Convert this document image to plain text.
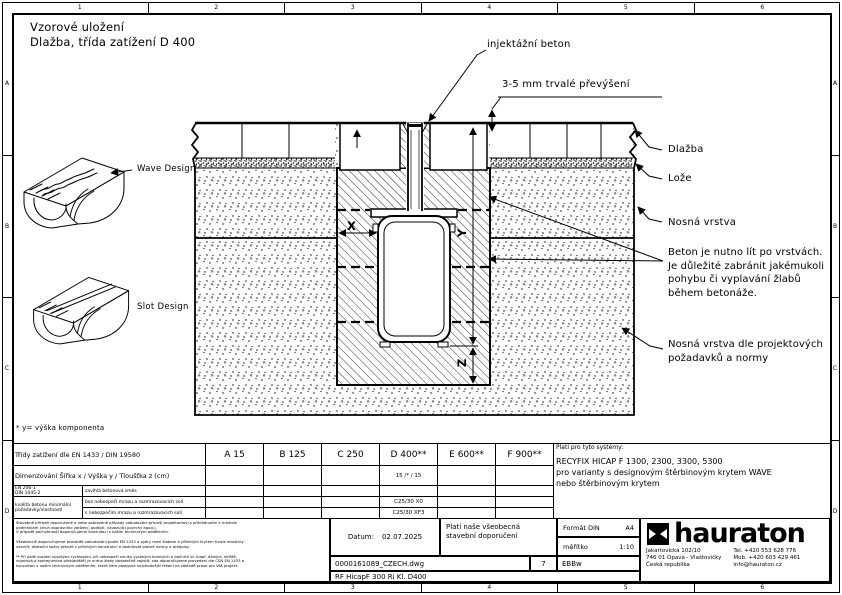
1	2	3	4	5	6
1	2	3	4	5	6
A
B
C
D
A
B
C
D
Vzorové uložení
Dlažba, třída zatížení D 400	injektážní beton
3-5 mm trvalé převýšení
Wave Design
Slot Design
Dlažba
Lože
Nosná vrstva
Beton je nutno lít po vrstvách.
Je důležité zabránit jakémukoli
pohybu či vyplavání žlabů
během betonáže.
Nosná vrstva dle projektových
požadavků a normy
X	Y
Z
* y= výška komponenta
Třídy zatížení dle EN 1433 / DIN 19580		A 15	B 125	C 250	D 400**	E 600**	F 900**	Platí pro tyto systémy:
RECYFIX HICAP F 1300, 2300, 3300, 5300
pro varianty s designovým štěrbinovým krytem WAVE
nebo štěrbinovým krytem

Dimenzování Šířka x / Výška y / Tloušťka z (cm)					15 /* / 15			

EN 206-1
DIN 1045-2	zavlhlá betonová směs							

kvalita betonu minimální
požadavky/vlastnosti	bez nebezpečí mrazu a rozmrazovacích solí				C25/30 X0			
	s nebezpečím mrazu a rozmrazovacích solí				C25/30 XF3			
Stavebně přiřadit doporučené a nebo zobrazené příklady zabudování přísluší projektantovi s přihlédnutím k místním
podmínkám (druh dopravního zatížení, podloží, navazující povrchy apod.).
V případě pochybností doporučujeme konzultaci s naším technickým oddělením.
Všeobecně doporučujeme provádět zabudování podle EN 1433 a spáry mezi žlabem a přilehlým krytem trvale elasticky
uzavřít; dilatační spáry převzít z přilehlých konstrukcí a dodržovat platné normy a předpisy.
** Při jízdě vozidel vysokými rychlostmi, při nebezpečí vzniku vysokých brzdných a bočních sil (např. dálnice, letiště,
vojenská a kontejnerová překladiště) je nutno žlaby dodatečně zajistit; zde doporučujeme provedení dle ČSN EN 1433 a
konzultaci s naším technickým oddělením, které Vám poskytne nejvhodnější řešení na základě praxe pro Váš projekt.
Datum: 02.07.2025
Platí naše všeobecná
stavební doporučení
Formát DIN	A4
měřítko	1:10
0000161089_CZECH.dwg	7	EBBw
RF HicapF 300 Ri Kl. D400
hauraton
Jakartovická 102/10
746 01 Opava - Vlaštovičky
Česká republika
Tel. +420 553 628 776
Mob. +420 603 429 461
info@hauraton.cz
